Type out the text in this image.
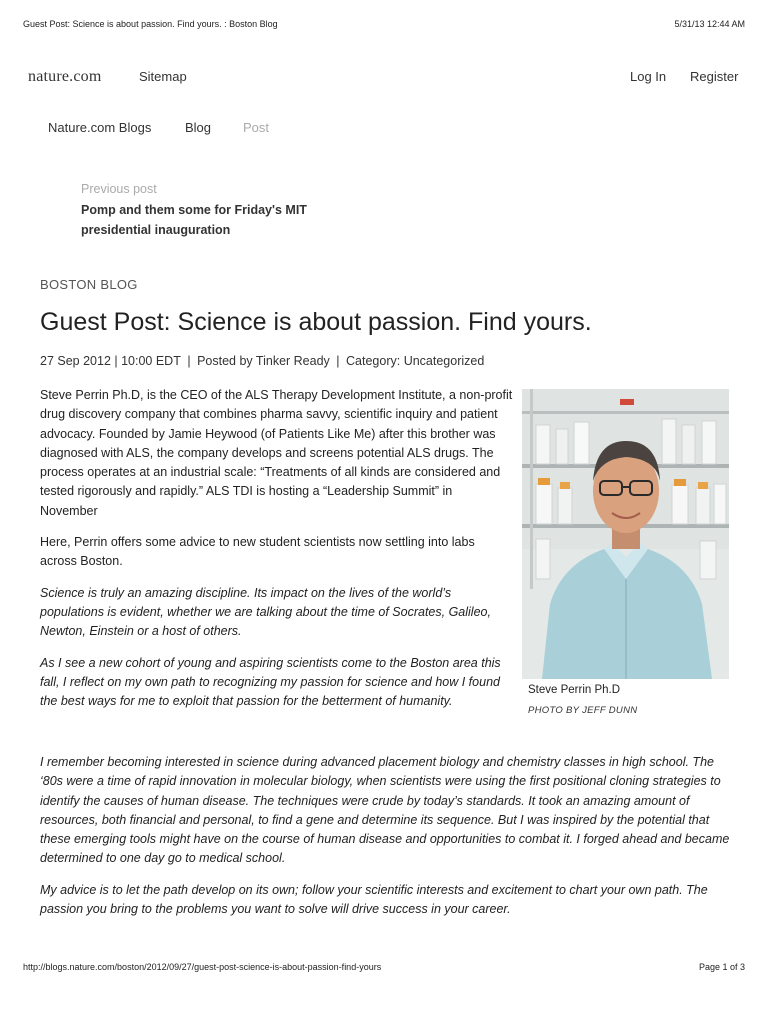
Guest Post: Science is about passion. Find yours. : Boston Blog	5/31/13 12:44 AM
nature.com	Sitemap	Log In Register
Nature.com Blogs	Blog Post
Previous post
Pomp and them some for Friday's MIT presidential inauguration
BOSTON BLOG
Guest Post: Science is about passion. Find yours.
27 Sep 2012 | 10:00 EDT | Posted by Tinker Ready | Category: Uncategorized

Steve Perrin Ph.D, is the CEO of the ALS Therapy Development Institute, a non-profit drug discovery company that combines pharma savvy, scientific inquiry and patient advocacy. Founded by Jamie Heywood (of Patients Like Me) after this brother was diagnosed with ALS, the company develops and screens potential ALS drugs. The process operates at an industrial scale: “Treatments of all kinds are considered and tested rigorously and rapidly.” ALS TDI is hosting a “Leadership Summit” in November

Here, Perrin offers some advice to new student scientists now settling into labs across Boston.

Science is truly an amazing discipline. Its impact on the lives of the world’s populations is evident, whether we are talking about the time of Socrates, Galileo, Newton, Einstein or a host of others.

As I see a new cohort of young and aspiring scientists come to the Boston area this fall, I reflect on my own path to recognizing my passion for science and how I found the best ways for me to exploit that passion for the betterment of humanity.

I remember becoming interested in science during advanced placement biology and chemistry classes in high school. The ‘80s were a time of rapid innovation in molecular biology, when scientists were using the first positional cloning strategies to identify the causes of human disease. The techniques were crude by today’s standards. It took an amazing amount of resources, both financial and personal, to find a gene and determine its sequence. But I was inspired by the potential that these emerging tools might have on the course of human disease and opportunities to combat it. I forged ahead and became determined to one day go to medical school.

My advice is to let the path develop on its own; follow your scientific interests and excitement to chart your own path. The passion you bring to the problems you want to solve will drive success in your career.

Steve Perrin Ph.D
PHOTO BY JEFF DUNN
http://blogs.nature.com/boston/2012/09/27/guest-post-science-is-about-passion-find-yours	Page 1 of 3
